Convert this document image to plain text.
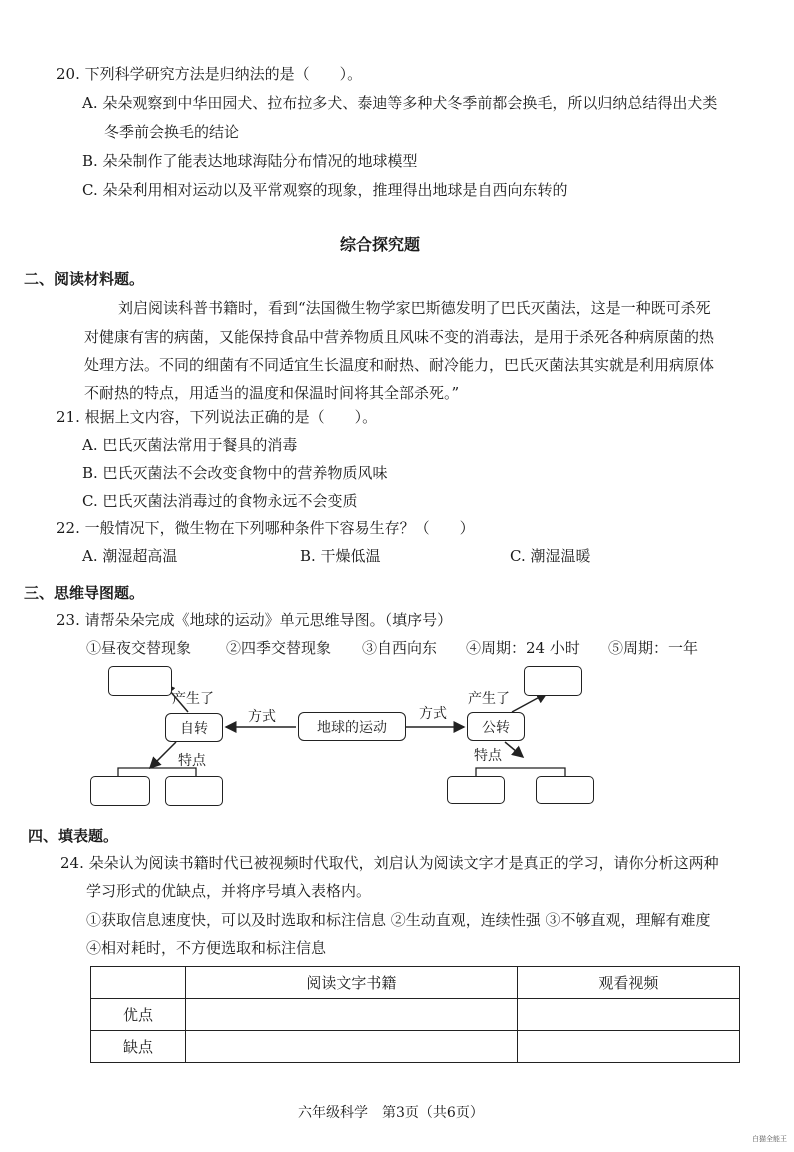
20. 下列科学研究方法是归纳法的是（　　）。
A. 朵朵观察到中华田园犬、拉布拉多犬、泰迪等多种犬冬季前都会换毛，所以归纳总结得出犬类
冬季前会换毛的结论
B. 朵朵制作了能表达地球海陆分布情况的地球模型
C. 朵朵利用相对运动以及平常观察的现象，推理得出地球是自西向东转的
综合探究题
二、阅读材料题。
刘启阅读科普书籍时，看到“法国微生物学家巴斯德发明了巴氏灭菌法，这是一种既可杀死
对健康有害的病菌，又能保持食品中营养物质且风味不变的消毒法，是用于杀死各种病原菌的热
处理方法。不同的细菌有不同适宜生长温度和耐热、耐冷能力，巴氏灭菌法其实就是利用病原体
不耐热的特点，用适当的温度和保温时间将其全部杀死。”
21. 根据上文内容，下列说法正确的是（　　）。
A. 巴氏灭菌法常用于餐具的消毒
B. 巴氏灭菌法不会改变食物中的营养物质风味
C. 巴氏灭菌法消毒过的食物永远不会变质
22. 一般情况下，微生物在下列哪种条件下容易生存？（　　）
A. 潮湿超高温	B. 干燥低温	C. 潮湿温暖
三、思维导图题。
23. 请帮朵朵完成《地球的运动》单元思维导图。（填序号）
①昼夜交替现象 ②四季交替现象 ③自西向东 ④周期：24 小时 ⑤周期：一年
产生了	产生了
方式	方式
自转	地球的运动	公转
特点	特点
四、填表题。
24. 朵朵认为阅读书籍时代已被视频时代取代，刘启认为阅读文字才是真正的学习，请你分析这两种
学习形式的优缺点，并将序号填入表格内。
①获取信息速度快，可以及时选取和标注信息 ②生动直观，连续性强 ③不够直观，理解有难度
④相对耗时，不方便选取和标注信息
	阅读文字书籍	观看视频
优点		
缺点		
六年级科学　第3页（共6页）
白猫全能王
